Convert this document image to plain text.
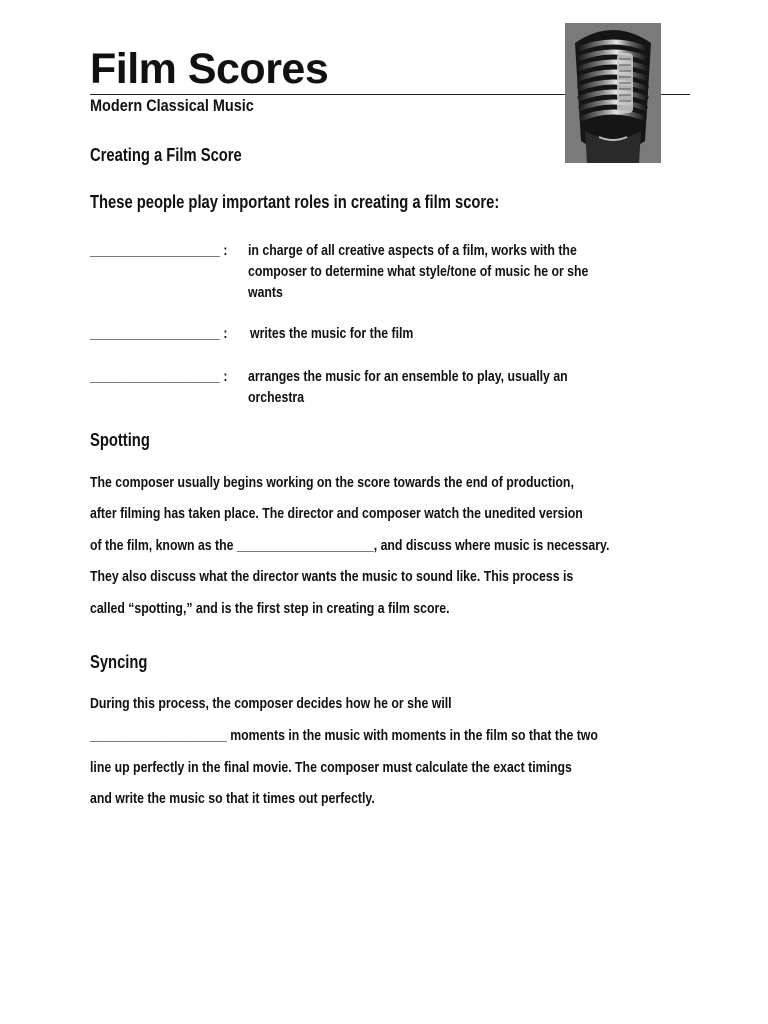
Film Scores
Modern Classical Music
Creating a Film Score
These people play important roles in creating a film score:
___________________ : in charge of all creative aspects of a film, works with the
composer to determine what style/tone of music he or she
wants
___________________ : writes the music for the film
___________________ : arranges the music for an ensemble to play, usually an
orchestra
Spotting
The composer usually begins working on the score towards the end of production,
after filming has taken place. The director and composer watch the unedited version
of the film, known as the ____________________, and discuss where music is necessary.
They also discuss what the director wants the music to sound like. This process is
called “spotting,” and is the first step in creating a film score.
Syncing
During this process, the composer decides how he or she will
____________________ moments in the music with moments in the film so that the two
line up perfectly in the final movie. The composer must calculate the exact timings
and write the music so that it times out perfectly.
